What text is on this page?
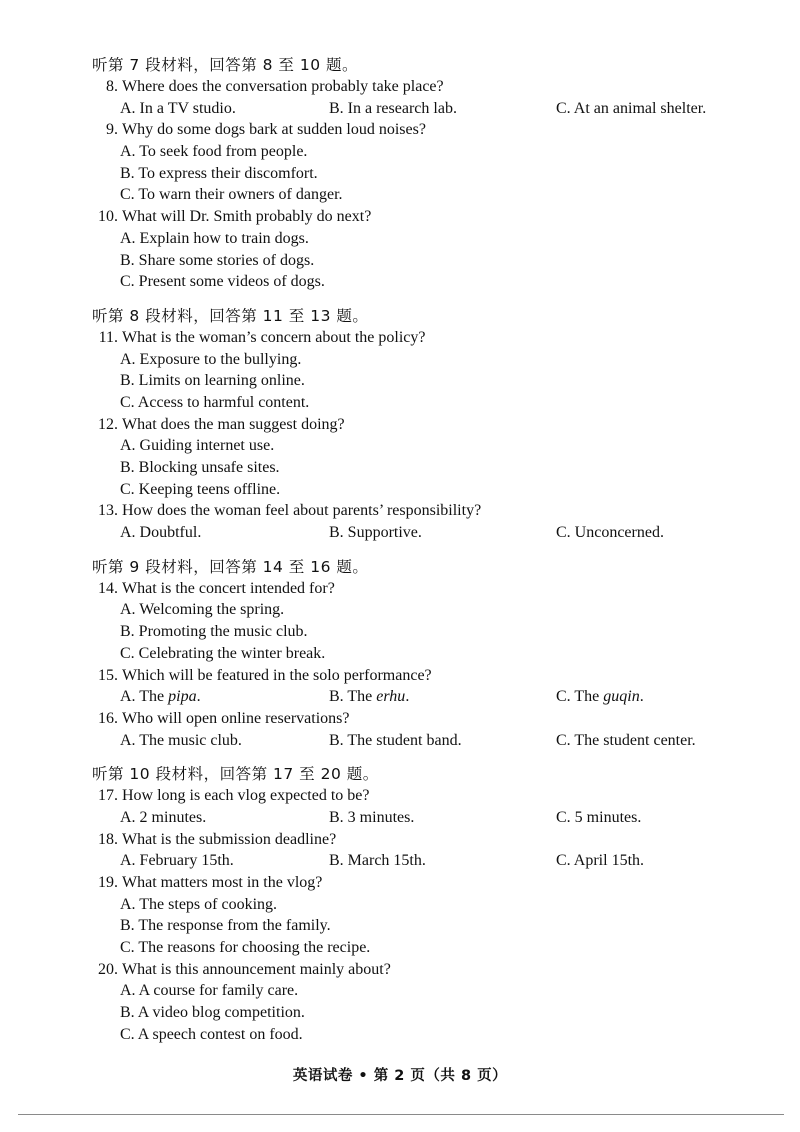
听第 7 段材料，回答第 8 至 10 题。
8. Where does the conversation probably take place?
A. In a TV studio.	B. In a research lab.	C. At an animal shelter.
9. Why do some dogs bark at sudden loud noises?
A. To seek food from people.
B. To express their discomfort.
C. To warn their owners of danger.
10. What will Dr. Smith probably do next?
A. Explain how to train dogs.
B. Share some stories of dogs.
C. Present some videos of dogs.
听第 8 段材料，回答第 11 至 13 题。
11. What is the woman’s concern about the policy?
A. Exposure to the bullying.
B. Limits on learning online.
C. Access to harmful content.
12. What does the man suggest doing?
A. Guiding internet use.
B. Blocking unsafe sites.
C. Keeping teens offline.
13. How does the woman feel about parents’ responsibility?
A. Doubtful.	B. Supportive.	C. Unconcerned.
听第 9 段材料，回答第 14 至 16 题。
14. What is the concert intended for?
A. Welcoming the spring.
B. Promoting the music club.
C. Celebrating the winter break.
15. Which will be featured in the solo performance?
A. The pipa.	B. The erhu.	C. The guqin.
16. Who will open online reservations?
A. The music club.	B. The student band.	C. The student center.
听第 10 段材料，回答第 17 至 20 题。
17. How long is each vlog expected to be?
A. 2 minutes.	B. 3 minutes.	C. 5 minutes.
18. What is the submission deadline?
A. February 15th.	B. March 15th.	C. April 15th.
19. What matters most in the vlog?
A. The steps of cooking.
B. The response from the family.
C. The reasons for choosing the recipe.
20. What is this announcement mainly about?
A. A course for family care.
B. A video blog competition.
C. A speech contest on food.
英语试卷 • 第 2 页（共 8 页）
